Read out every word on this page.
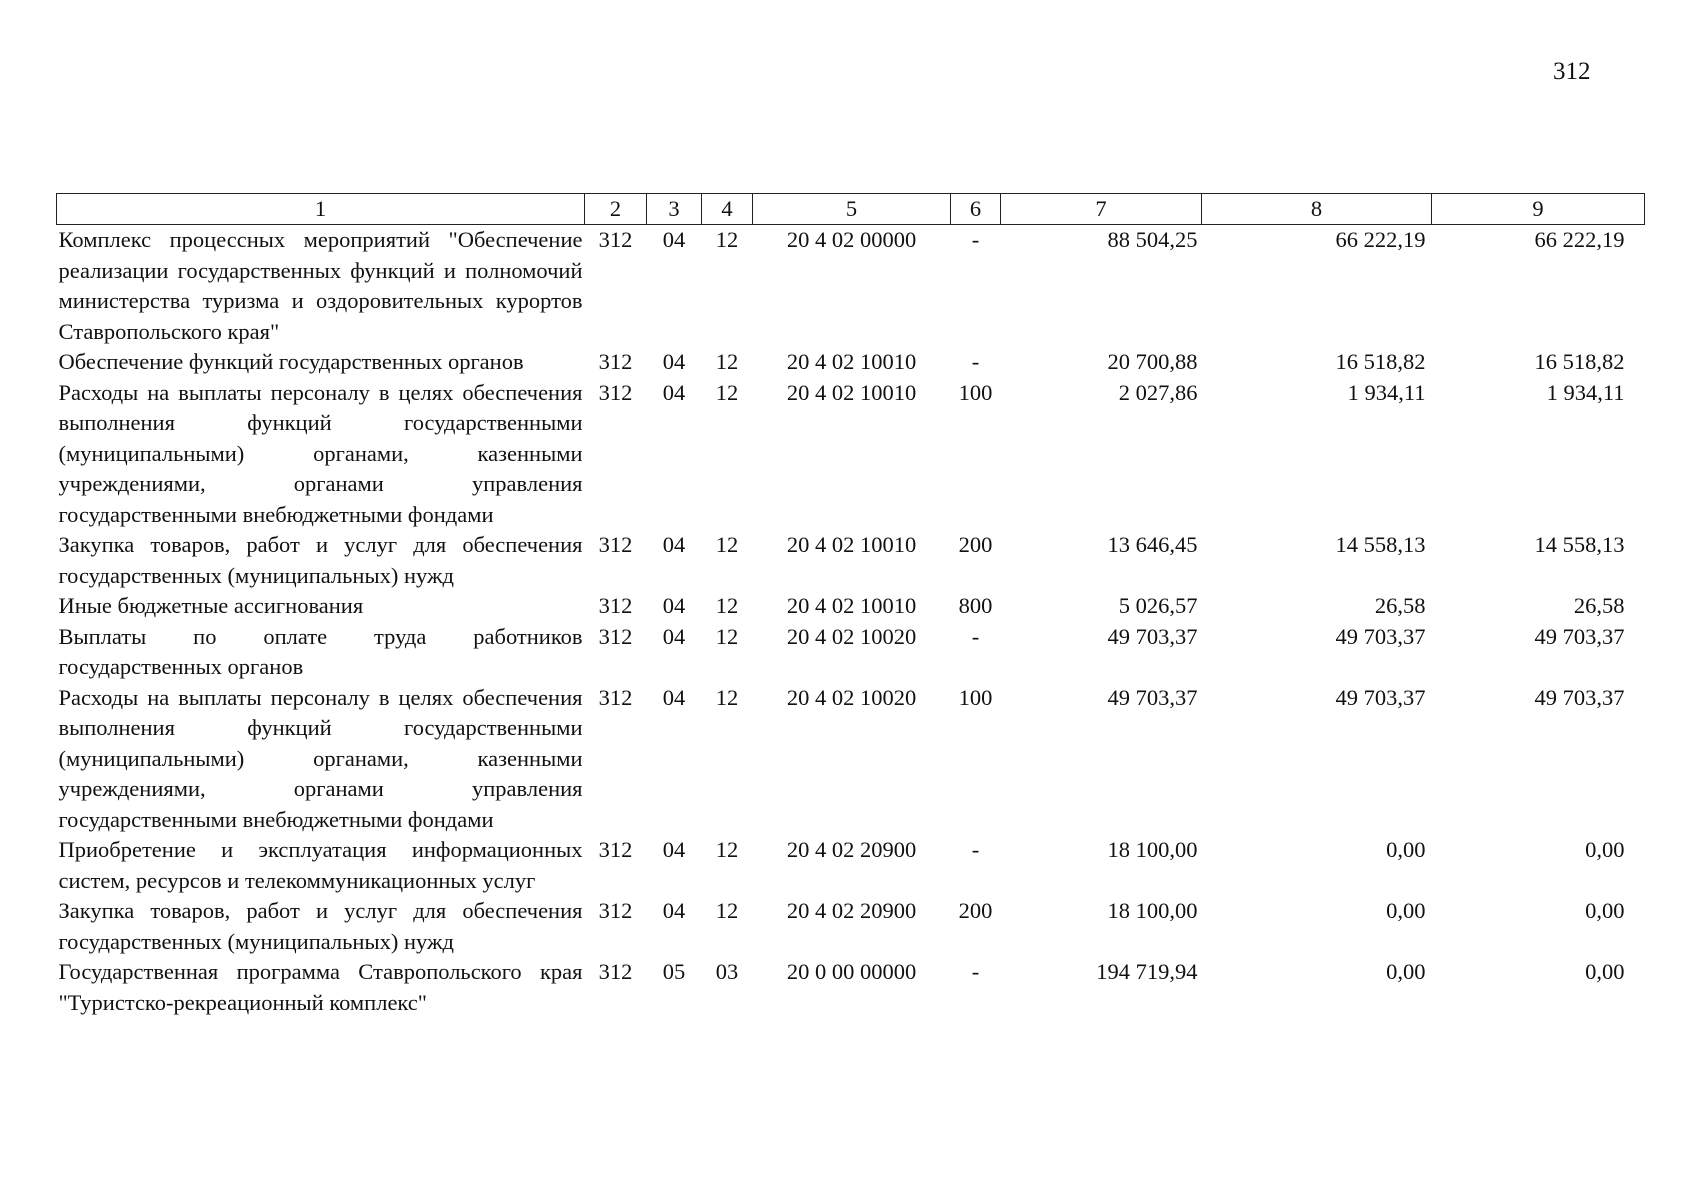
312
1	2	3	4	5	6	7	8	9
Комплекс процессных мероприятий "Обеспечение реализации государственных функций и полномочий министерства туризма и оздоровительных курортов Ставропольского края"	312	04	12	20 4 02 00000	-	88 504,25	66 222,19	66 222,19
Обеспечение функций государственных органов	312	04	12	20 4 02 10010	-	20 700,88	16 518,82	16 518,82
Расходы на выплаты персоналу в целях обеспечения выполнения функций государственными (муниципальными) органами, казенными учреждениями, органами управления государственными внебюджетными фондами	312	04	12	20 4 02 10010	100	2 027,86	1 934,11	1 934,11
Закупка товаров, работ и услуг для обеспечения государственных (муниципальных) нужд	312	04	12	20 4 02 10010	200	13 646,45	14 558,13	14 558,13
Иные бюджетные ассигнования	312	04	12	20 4 02 10010	800	5 026,57	26,58	26,58
Выплаты по оплате труда работников государственных органов	312	04	12	20 4 02 10020	-	49 703,37	49 703,37	49 703,37
Расходы на выплаты персоналу в целях обеспечения выполнения функций государственными (муниципальными) органами, казенными учреждениями, органами управления государственными внебюджетными фондами	312	04	12	20 4 02 10020	100	49 703,37	49 703,37	49 703,37
Приобретение и эксплуатация информационных систем, ресурсов и телекоммуникационных услуг	312	04	12	20 4 02 20900	-	18 100,00	0,00	0,00
Закупка товаров, работ и услуг для обеспечения государственных (муниципальных) нужд	312	04	12	20 4 02 20900	200	18 100,00	0,00	0,00
Государственная программа Ставропольского края "Туристско-рекреационный комплекс"	312	05	03	20 0 00 00000	-	194 719,94	0,00	0,00
